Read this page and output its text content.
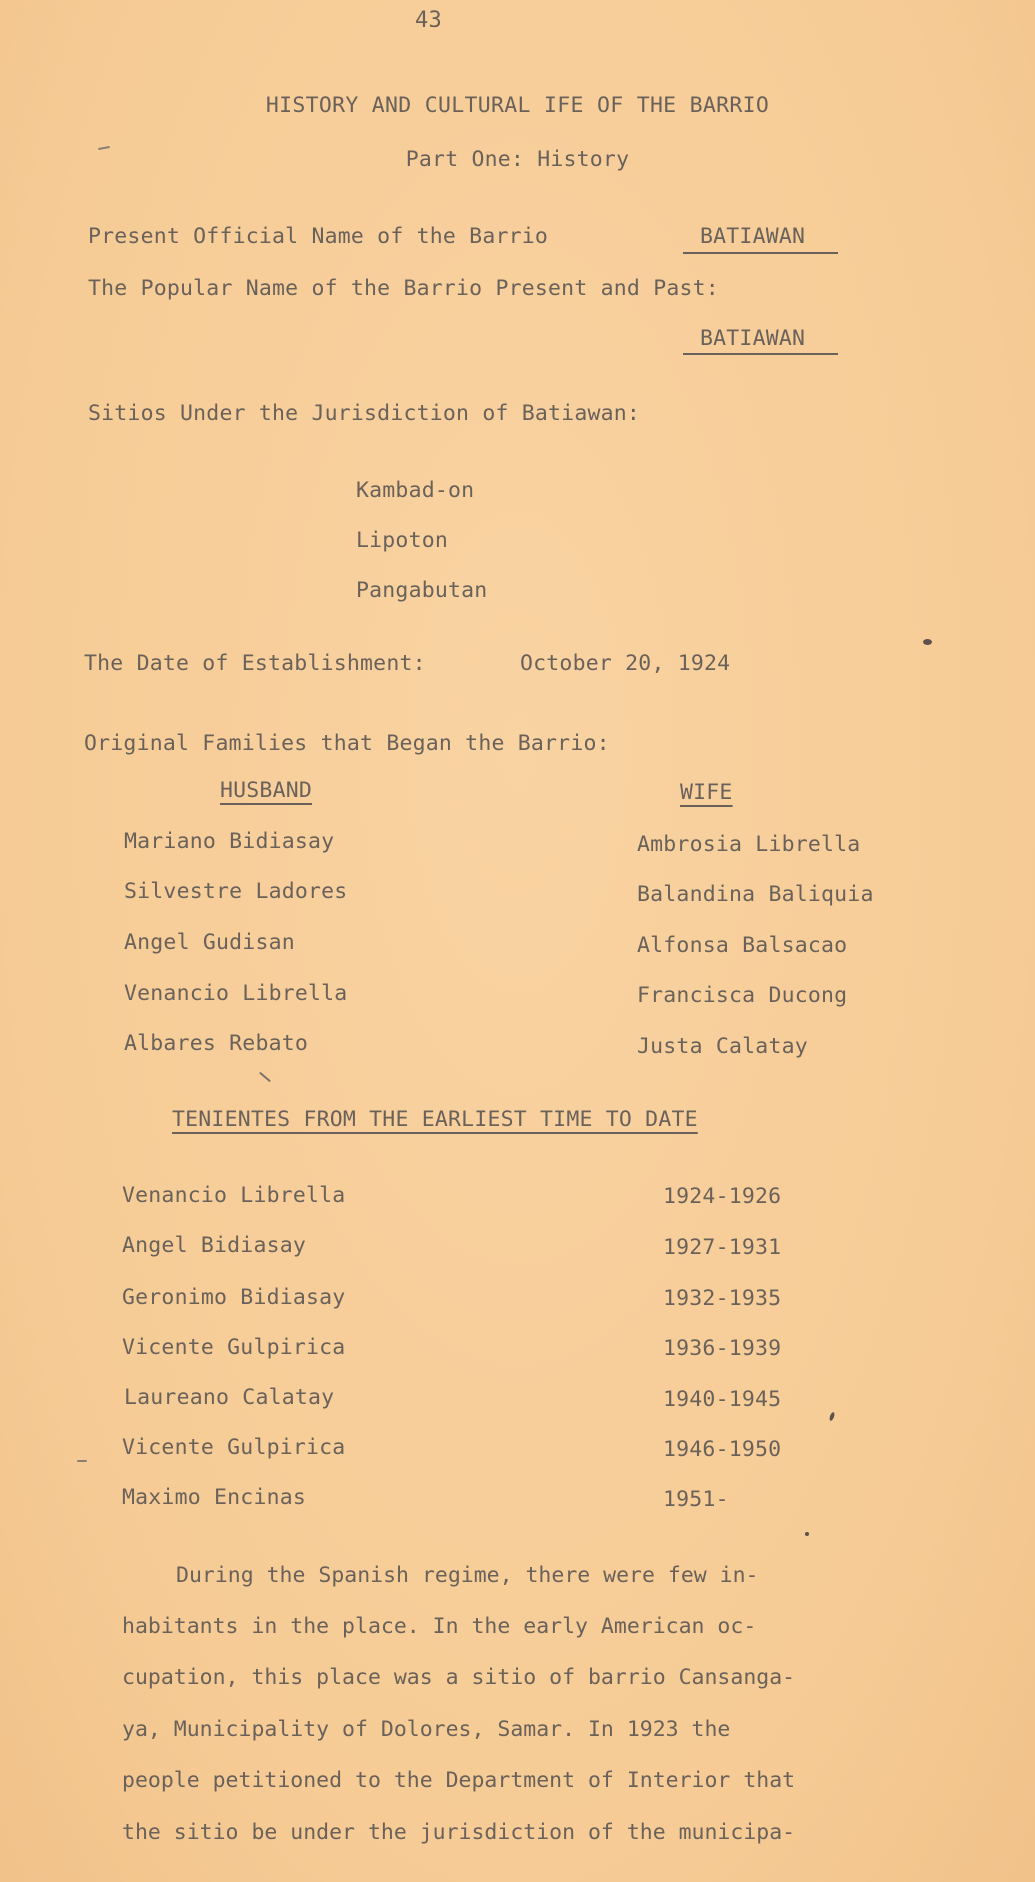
43
HISTORY AND CULTURAL IFE OF THE BARRIO
Part One: History
Present Official Name of the Barrio	BATIAWAN
The Popular Name of the Barrio Present and Past:
BATIAWAN
Sitios Under the Jurisdiction of Batiawan:
Kambad-on
Lipoton
Pangabutan
The Date of Establishment:	October 20, 1924
Original Families that Began the Barrio:
HUSBAND	WIFE
Mariano Bidiasay	Ambrosia Librella
Silvestre Ladores	Balandina Baliquia
Angel Gudisan	Alfonsa Balsacao
Venancio Librella	Francisca Ducong
Albares Rebato	Justa Calatay
TENIENTES FROM THE EARLIEST TIME TO DATE
Venancio Librella	1924-1926
Angel Bidiasay	1927-1931
Geronimo Bidiasay	1932-1935
Vicente Gulpirica	1936-1939
Laureano Calatay	1940-1945
Vicente Gulpirica	1946-1950
Maximo Encinas	1951-
During the Spanish regime, there were few in-
habitants in the place. In the early American oc-
cupation, this place was a sitio of barrio Cansanga-
ya, Municipality of Dolores, Samar. In 1923 the
people petitioned to the Department of Interior that
the sitio be under the jurisdiction of the municipa-
